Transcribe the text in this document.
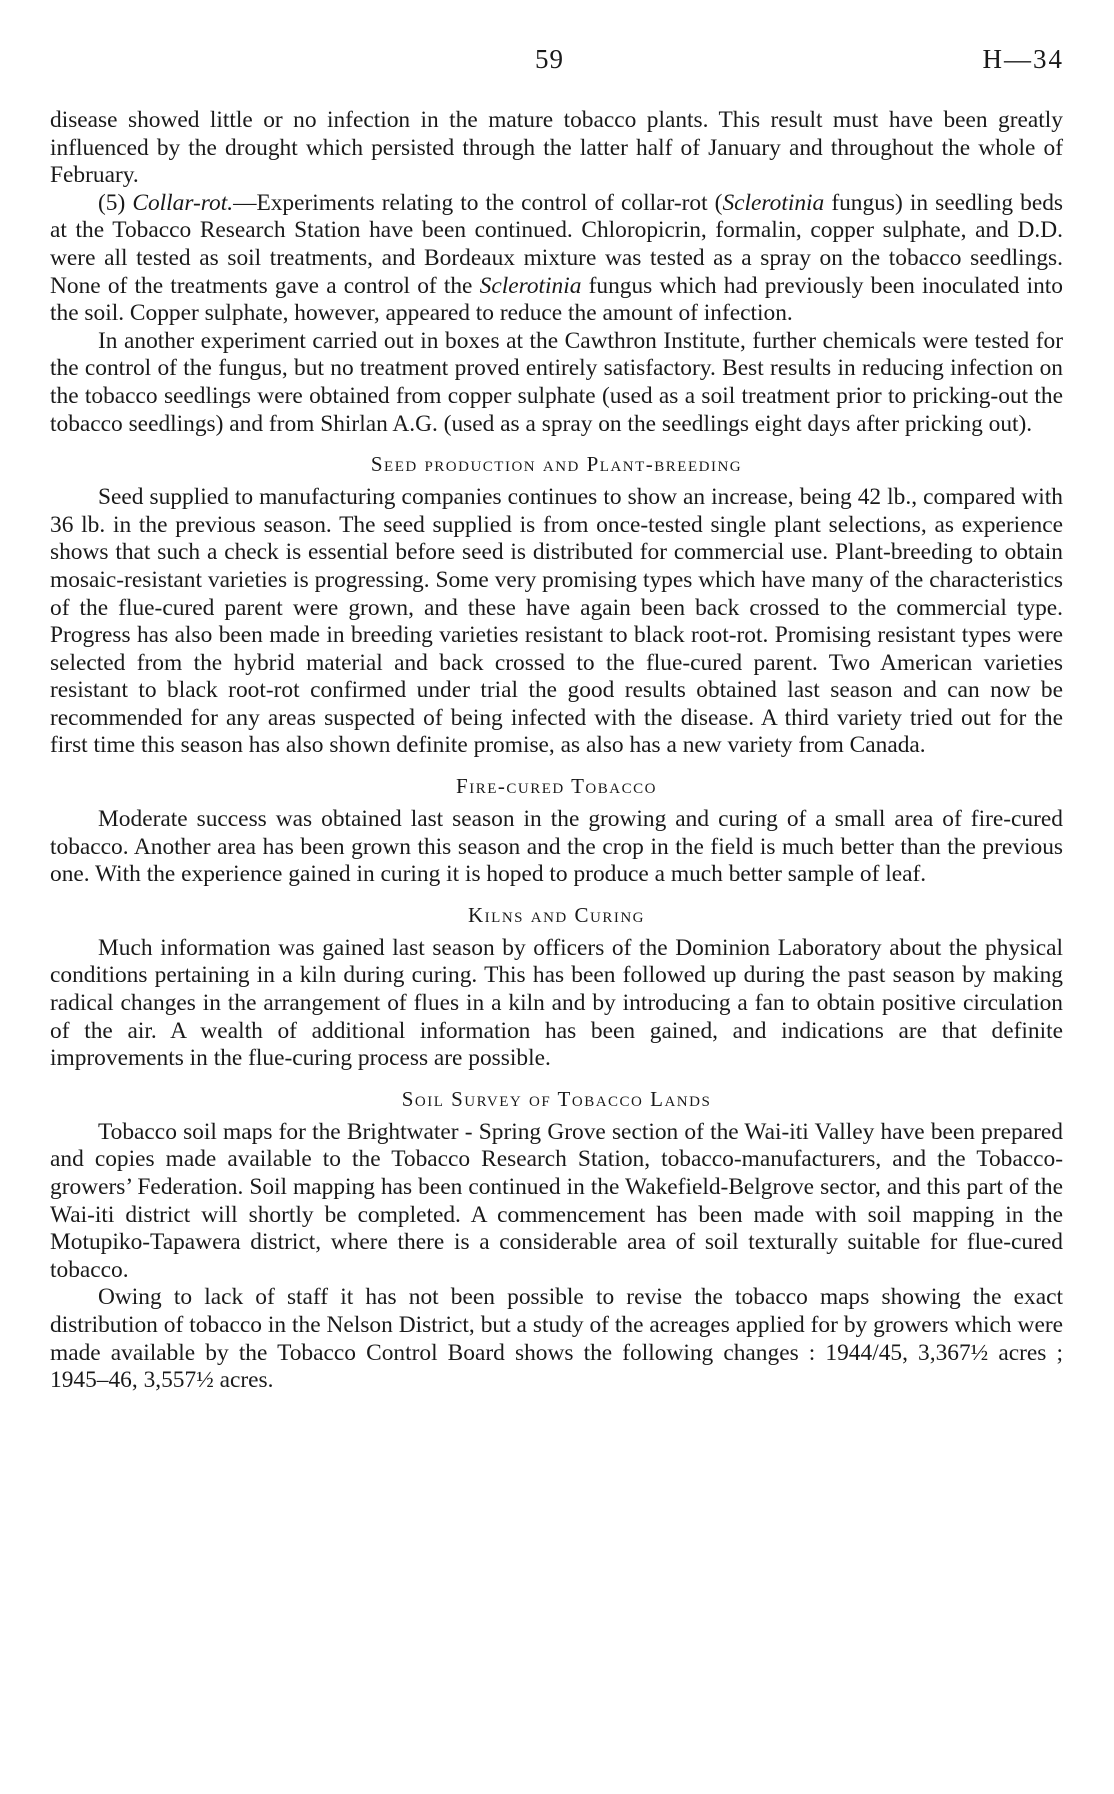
59	H—34

disease showed little or no infection in the mature tobacco plants. This result must have been greatly influenced by the drought which persisted through the latter half of January and throughout the whole of February.

(5) Collar-rot.—Experiments relating to the control of collar-rot (Sclerotinia fungus) in seedling beds at the Tobacco Research Station have been continued. Chloropicrin, formalin, copper sulphate, and D.D. were all tested as soil treatments, and Bordeaux mixture was tested as a spray on the tobacco seedlings. None of the treatments gave a control of the Sclerotinia fungus which had previously been inoculated into the soil. Copper sulphate, however, appeared to reduce the amount of infection.

In another experiment carried out in boxes at the Cawthron Institute, further chemicals were tested for the control of the fungus, but no treatment proved entirely satisfactory. Best results in reducing infection on the tobacco seedlings were obtained from copper sulphate (used as a soil treatment prior to pricking-out the tobacco seedlings) and from Shirlan A.G. (used as a spray on the seedlings eight days after pricking out).

Seed production and Plant-breeding

Seed supplied to manufacturing companies continues to show an increase, being 42 lb., compared with 36 lb. in the previous season. The seed supplied is from once-tested single plant selections, as experience shows that such a check is essential before seed is distributed for commercial use. Plant-breeding to obtain mosaic-resistant varieties is progressing. Some very promising types which have many of the characteristics of the flue-cured parent were grown, and these have again been back crossed to the commercial type. Progress has also been made in breeding varieties resistant to black root-rot. Promising resistant types were selected from the hybrid material and back crossed to the flue-cured parent. Two American varieties resistant to black root-rot confirmed under trial the good results obtained last season and can now be recommended for any areas suspected of being infected with the disease. A third variety tried out for the first time this season has also shown definite promise, as also has a new variety from Canada.

Fire-cured Tobacco

Moderate success was obtained last season in the growing and curing of a small area of fire-cured tobacco. Another area has been grown this season and the crop in the field is much better than the previous one. With the experience gained in curing it is hoped to produce a much better sample of leaf.

Kilns and Curing

Much information was gained last season by officers of the Dominion Laboratory about the physical conditions pertaining in a kiln during curing. This has been followed up during the past season by making radical changes in the arrangement of flues in a kiln and by introducing a fan to obtain positive circulation of the air. A wealth of additional information has been gained, and indications are that definite improvements in the flue-curing process are possible.

Soil Survey of Tobacco Lands

Tobacco soil maps for the Brightwater - Spring Grove section of the Wai-iti Valley have been prepared and copies made available to the Tobacco Research Station, tobacco-manufacturers, and the Tobacco-growers’ Federation. Soil mapping has been continued in the Wakefield-Belgrove sector, and this part of the Wai-iti district will shortly be completed. A commencement has been made with soil mapping in the Motupiko-Tapawera district, where there is a considerable area of soil texturally suitable for flue-cured tobacco.

Owing to lack of staff it has not been possible to revise the tobacco maps showing the exact distribution of tobacco in the Nelson District, but a study of the acreages applied for by growers which were made available by the Tobacco Control Board shows the following changes : 1944/45, 3,367½ acres ; 1945–46, 3,557½ acres.
